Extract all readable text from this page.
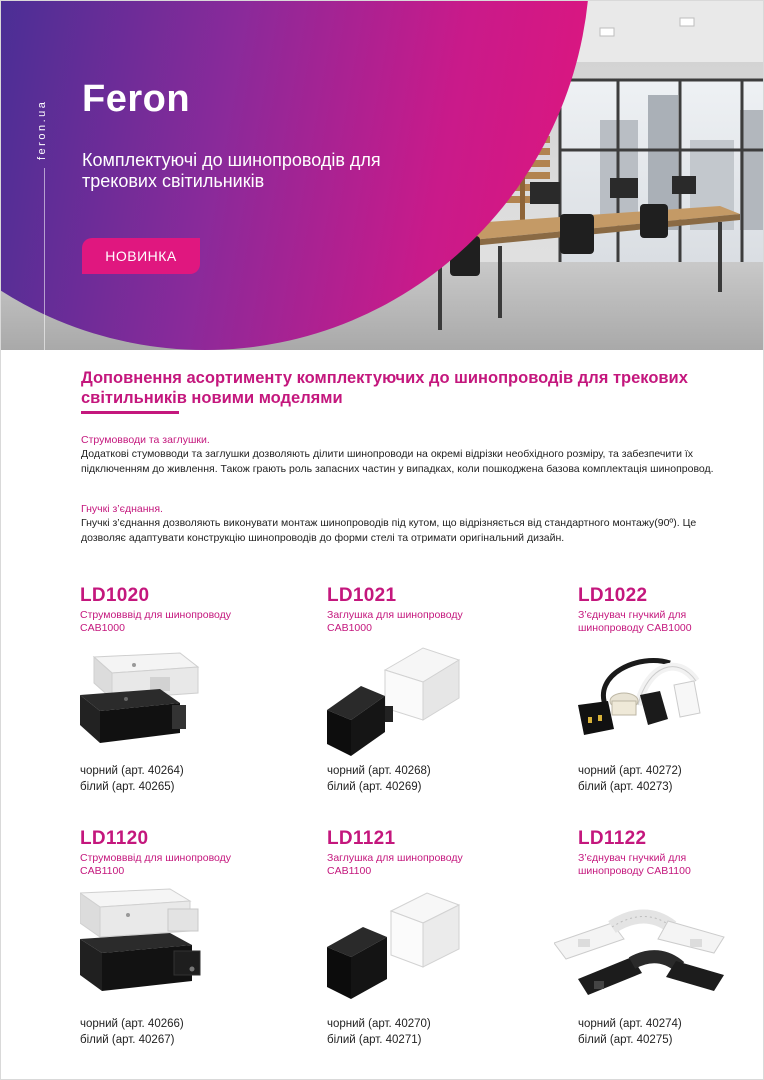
feron.ua
Feron
Комплектуючі до шинопроводів для трекових світильників
НОВИНКА
Доповнення асортименту комплектуючих до шинопроводів для трекових світильників новими моделями
Струмовводи та заглушки.
Додаткові стумовводи та заглушки дозволяють ділити шинопроводи на окремі відрізки необхідного розміру, та забезпечити їх підключенням до живлення. Також грають роль запасних частин у випадках, коли пошкоджена базова комплектація шинопровод.
Гнучкі з’єднання.
Гнучкі з’єднання дозволяють виконувати монтаж шинопроводів під кутом, що відрізняється від стандартного монтажу(90º). Це дозволяє адаптувати конструкцію шинопроводів до форми стелі та отримати оригінальний дизайн.
LD1020
Струмовввід для шинопроводу CAB1000
чорний (арт. 40264)
білий (арт. 40265)
LD1021
Заглушка для шинопроводу CAB1000
чорний (арт. 40268)
білий (арт. 40269)
LD1022
З’єднувач гнучкий для шинопроводу CAB1000
чорний (арт. 40272)
білий (арт. 40273)
LD1120
Струмовввід для шинопроводу CAB1100
чорний (арт. 40266)
білий (арт. 40267)
LD1121
Заглушка для шинопроводу CAB1100
чорний (арт. 40270)
білий (арт. 40271)
LD1122
З’єднувач гнучкий для шинопроводу CAB1100
чорний (арт. 40274)
білий (арт. 40275)
